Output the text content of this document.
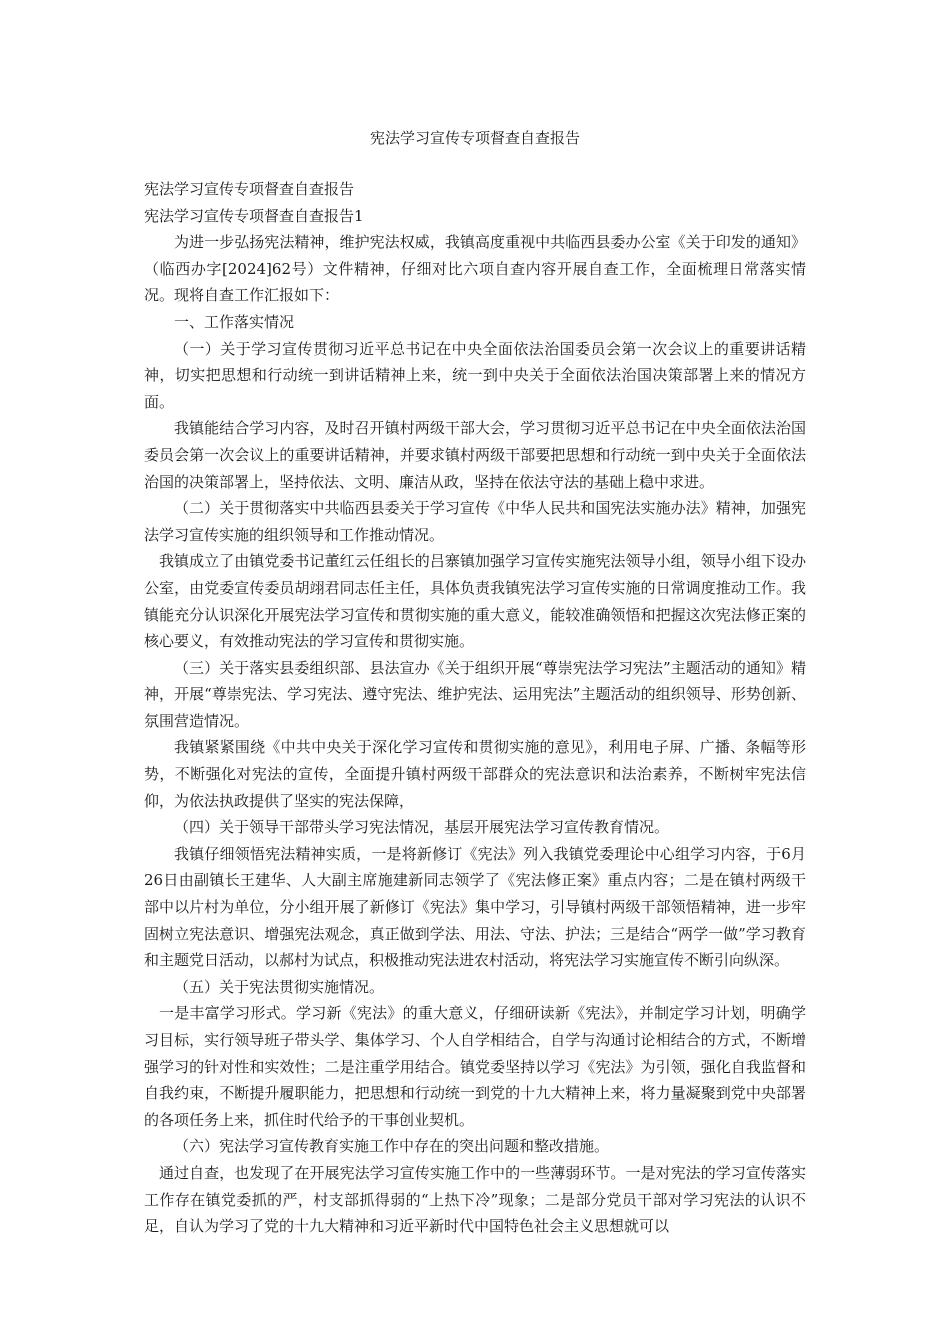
宪法学习宣传专项督查自查报告

宪法学习宣传专项督查自查报告

宪法学习宣传专项督查自查报告1

为进一步弘扬宪法精神，维护宪法权威，我镇高度重视中共临西县委办公室《关于印发的通知》（临西办字[2024]62号）文件精神，仔细对比六项自查内容开展自查工作，全面梳理日常落实情况。现将自查工作汇报如下：

一、工作落实情况

（一）关于学习宣传贯彻习近平总书记在中央全面依法治国委员会第一次会议上的重要讲话精神，切实把思想和行动统一到讲话精神上来，统一到中央关于全面依法治国决策部署上来的情况方面。

我镇能结合学习内容，及时召开镇村两级干部大会，学习贯彻习近平总书记在中央全面依法治国委员会第一次会议上的重要讲话精神，并要求镇村两级干部要把思想和行动统一到中央关于全面依法治国的决策部署上，坚持依法、文明、廉洁从政，坚持在依法守法的基础上稳中求进。

（二）关于贯彻落实中共临西县委关于学习宣传《中华人民共和国宪法实施办法》精神，加强宪法学习宣传实施的组织领导和工作推动情况。

我镇成立了由镇党委书记董红云任组长的吕寨镇加强学习宣传实施宪法领导小组，领导小组下设办公室，由党委宣传委员胡翊君同志任主任，具体负责我镇宪法学习宣传实施的日常调度推动工作。我镇能充分认识深化开展宪法学习宣传和贯彻实施的重大意义，能较准确领悟和把握这次宪法修正案的核心要义，有效推动宪法的学习宣传和贯彻实施。

（三）关于落实县委组织部、县法宣办《关于组织开展“尊崇宪法学习宪法”主题活动的通知》精神，开展“尊崇宪法、学习宪法、遵守宪法、维护宪法、运用宪法”主题活动的组织领导、形势创新、氛围营造情况。

我镇紧紧围绕《中共中央关于深化学习宣传和贯彻实施的意见》，利用电子屏、广播、条幅等形势，不断强化对宪法的宣传，全面提升镇村两级干部群众的宪法意识和法治素养，不断树牢宪法信仰，为依法执政提供了坚实的宪法保障，

（四）关于领导干部带头学习宪法情况，基层开展宪法学习宣传教育情况。

我镇仔细领悟宪法精神实质，一是将新修订《宪法》列入我镇党委理论中心组学习内容，于6月26日由副镇长王建华、人大副主席施建新同志领学了《宪法修正案》重点内容；二是在镇村两级干部中以片村为单位，分小组开展了新修订《宪法》集中学习，引导镇村两级干部领悟精神，进一步牢固树立宪法意识、增强宪法观念，真正做到学法、用法、守法、护法；三是结合“两学一做”学习教育和主题党日活动，以郝村为试点，积极推动宪法进农村活动，将宪法学习实施宣传不断引向纵深。

（五）关于宪法贯彻实施情况。

一是丰富学习形式。学习新《宪法》的重大意义，仔细研读新《宪法》，并制定学习计划，明确学习目标，实行领导班子带头学、集体学习、个人自学相结合，自学与沟通讨论相结合的方式，不断增强学习的针对性和实效性；二是注重学用结合。镇党委坚持以学习《宪法》为引领，强化自我监督和自我约束，不断提升履职能力，把思想和行动统一到党的十九大精神上来，将力量凝聚到党中央部署的各项任务上来，抓住时代给予的干事创业契机。

（六）宪法学习宣传教育实施工作中存在的突出问题和整改措施。

通过自查，也发现了在开展宪法学习宣传实施工作中的一些薄弱环节。一是对宪法的学习宣传落实工作存在镇党委抓的严，村支部抓得弱的“上热下冷”现象；二是部分党员干部对学习宪法的认识不足，自认为学习了党的十九大精神和习近平新时代中国特色社会主义思想就可以
